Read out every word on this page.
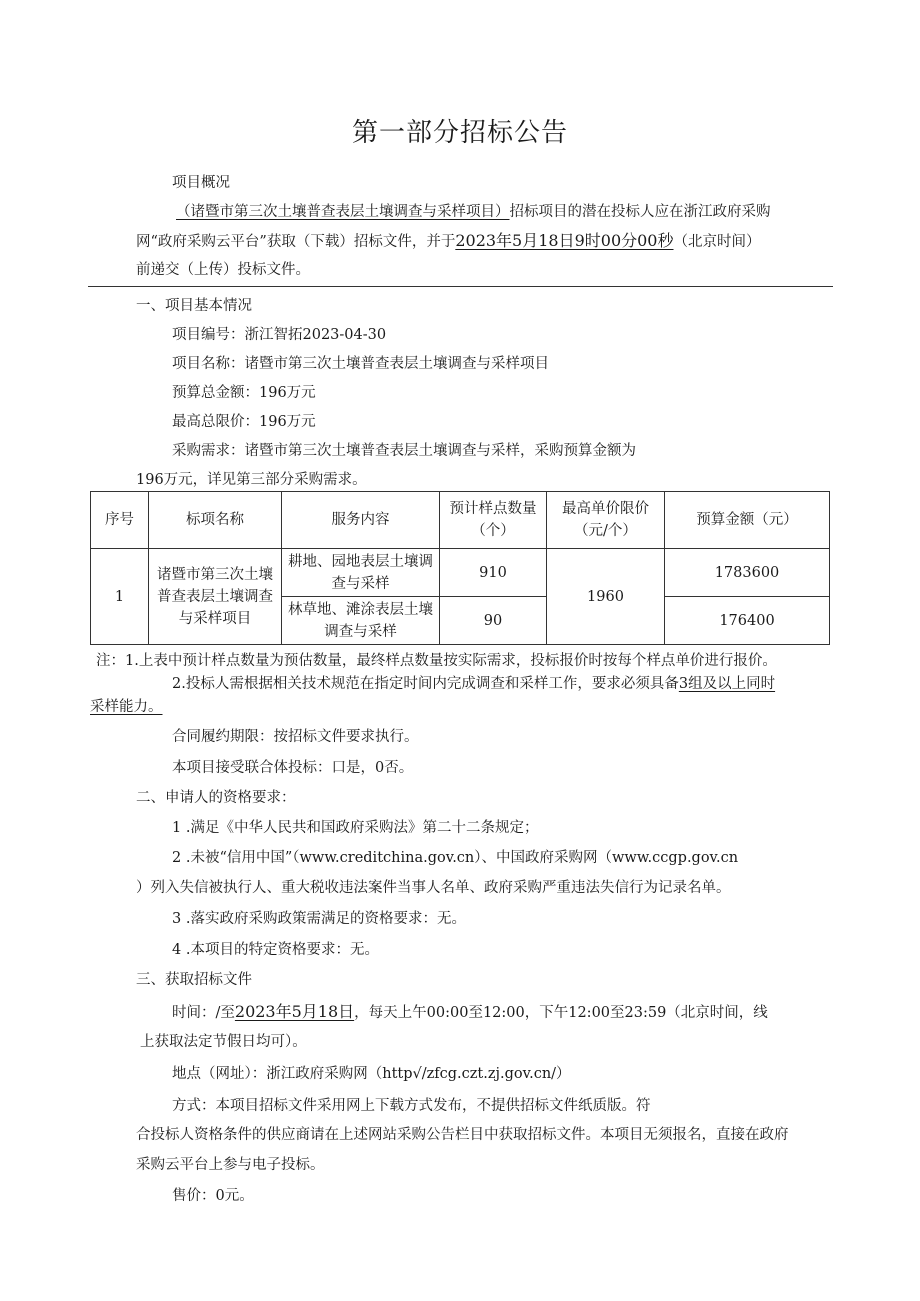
第一部分招标公告
项目概况
（诸暨市第三次土壤普查表层土壤调查与采样项目）招标项目的潜在投标人应在浙江政府采购
网“政府采购云平台”获取（下载）招标文件，并于2023年5月18日9时00分00秒（北京时间）
前递交（上传）投标文件。
一、项目基本情况
项目编号：浙江智拓2023-04-30
项目名称：诸暨市第三次土壤普查表层土壤调查与采样项目
预算总金额：196万元
最高总限价：196万元
采购需求：诸暨市第三次土壤普查表层土壤调查与采样，采购预算金额为
196万元，详见第三部分采购需求。
序号	标项名称	服务内容	预计样点数量（个）	最高单价限价（元/个）	预算金额（元）
1	诸暨市第三次土壤普查表层土壤调查与采样项目	耕地、园地表层土壤调查与采样	910	1960	1783600
		林草地、滩涂表层土壤调查与采样	90		176400
注：1.上表中预计样点数量为预估数量，最终样点数量按实际需求，投标报价时按每个样点单价进行报价。
2.投标人需根据相关技术规范在指定时间内完成调查和采样工作，要求必须具备3组及以上同时
采样能力。
合同履约期限：按招标文件要求执行。
本项目接受联合体投标：口是，0否。
二、申请人的资格要求：
1 .满足《中华人民共和国政府采购法》第二十二条规定；
2 .未被“信用中国”（www.creditchina.gov.cn）、中国政府采购网（www.ccgp.gov.cn
）列入失信被执行人、重大税收违法案件当事人名单、政府采购严重违法失信行为记录名单。
3 .落实政府采购政策需满足的资格要求：无。
4 .本项目的特定资格要求：无。
三、获取招标文件
时间：/至2023年5月18日，每天上午00:00至12:00，下午12:00至23:59（北京时间，线
上获取法定节假日均可）。
地点（网址）：浙江政府采购网（http√/zfcg.czt.zj.gov.cn/）
方式：本项目招标文件采用网上下载方式发布，不提供招标文件纸质版。符
合投标人资格条件的供应商请在上述网站采购公告栏目中获取招标文件。本项目无须报名，直接在政府
采购云平台上参与电子投标。
售价：0元。
